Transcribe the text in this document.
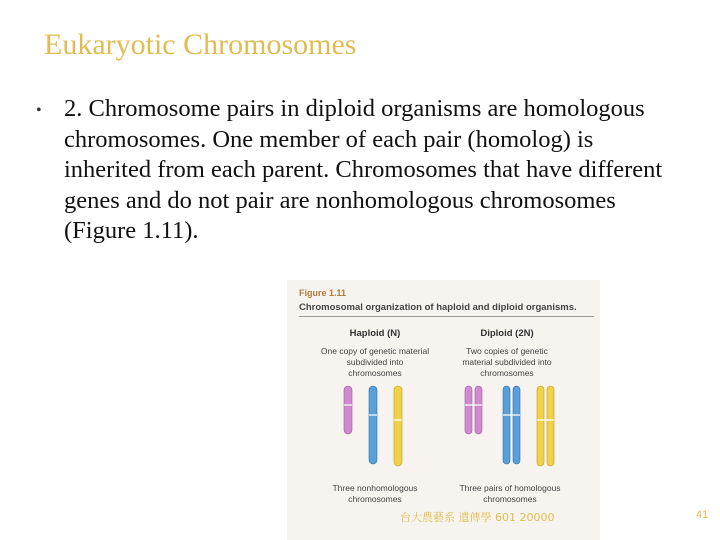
Eukaryotic Chromosomes
• 2. Chromosome pairs in diploid organisms are homologous chromosomes. One member of each pair (homolog) is inherited from each parent. Chromosomes that have different genes and do not pair are nonhomologous chromosomes (Figure 1.11).
Figure 1.11
Chromosomal organization of haploid and diploid organisms.
Haploid (N)
One copy of genetic material subdivided into chromosomes
Diploid (2N)
Two copies of genetic material subdivided into chromosomes
Three nonhomologous chromosomes
Three pairs of homologous chromosomes
台大農藝系 遺傳學 601 20000	41
